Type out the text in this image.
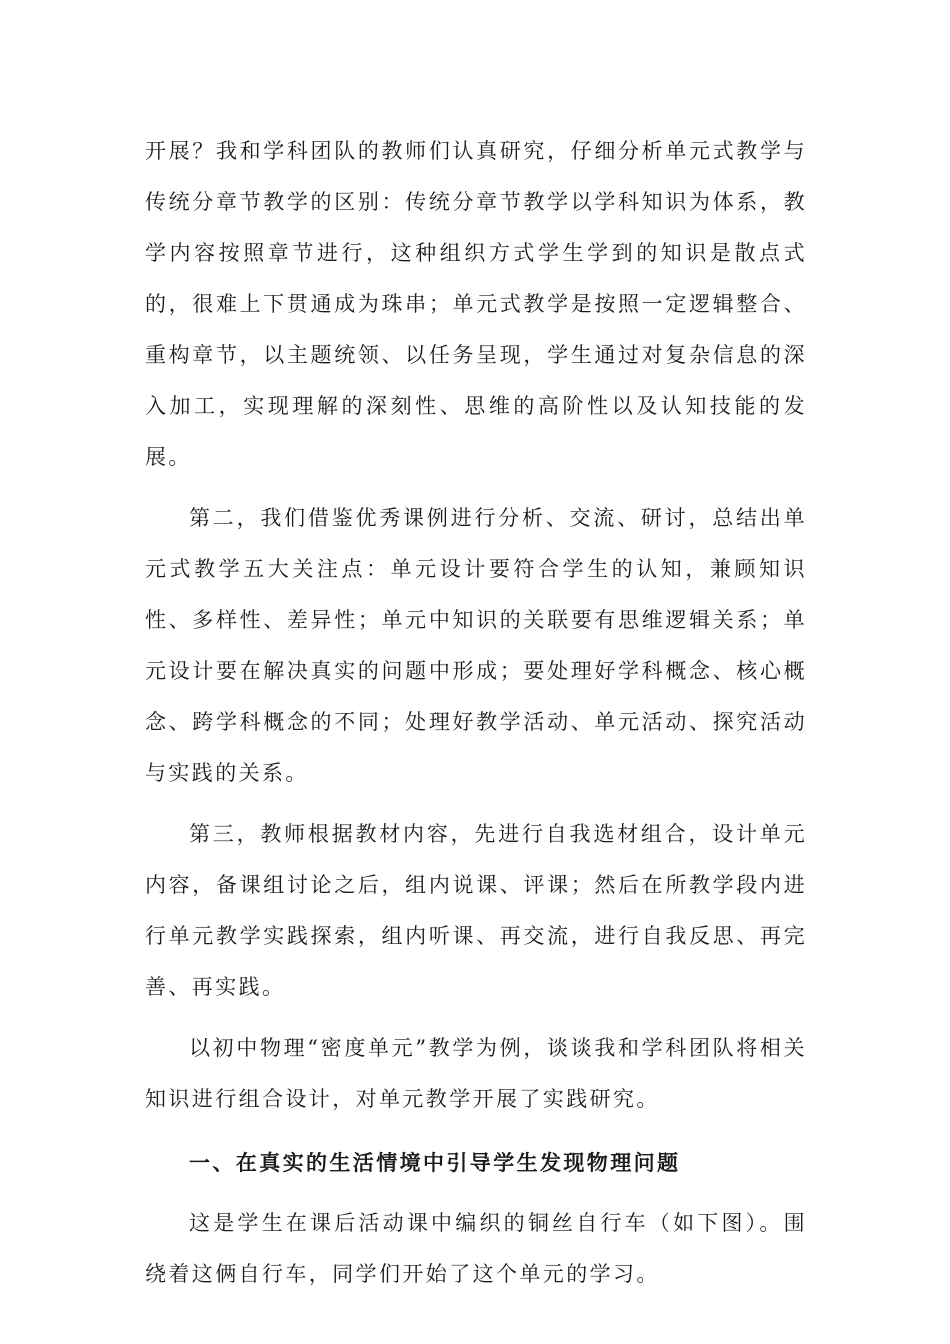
开展？我和学科团队的教师们认真研究，仔细分析单元式教学与传统分章节教学的区别：传统分章节教学以学科知识为体系，教学内容按照章节进行，这种组织方式学生学到的知识是散点式的，很难上下贯通成为珠串；单元式教学是按照一定逻辑整合、重构章节，以主题统领、以任务呈现，学生通过对复杂信息的深入加工，实现理解的深刻性、思维的高阶性以及认知技能的发展。

第二，我们借鉴优秀课例进行分析、交流、研讨，总结出单元式教学五大关注点：单元设计要符合学生的认知，兼顾知识性、多样性、差异性；单元中知识的关联要有思维逻辑关系；单元设计要在解决真实的问题中形成；要处理好学科概念、核心概念、跨学科概念的不同；处理好教学活动、单元活动、探究活动与实践的关系。

第三，教师根据教材内容，先进行自我选材组合，设计单元内容，备课组讨论之后，组内说课、评课；然后在所教学段内进行单元教学实践探索，组内听课、再交流，进行自我反思、再完善、再实践。

以初中物理“密度单元”教学为例，谈谈我和学科团队将相关知识进行组合设计，对单元教学开展了实践研究。

一、在真实的生活情境中引导学生发现物理问题

这是学生在课后活动课中编织的铜丝自行车（如下图）。围绕着这俩自行车，同学们开始了这个单元的学习。
